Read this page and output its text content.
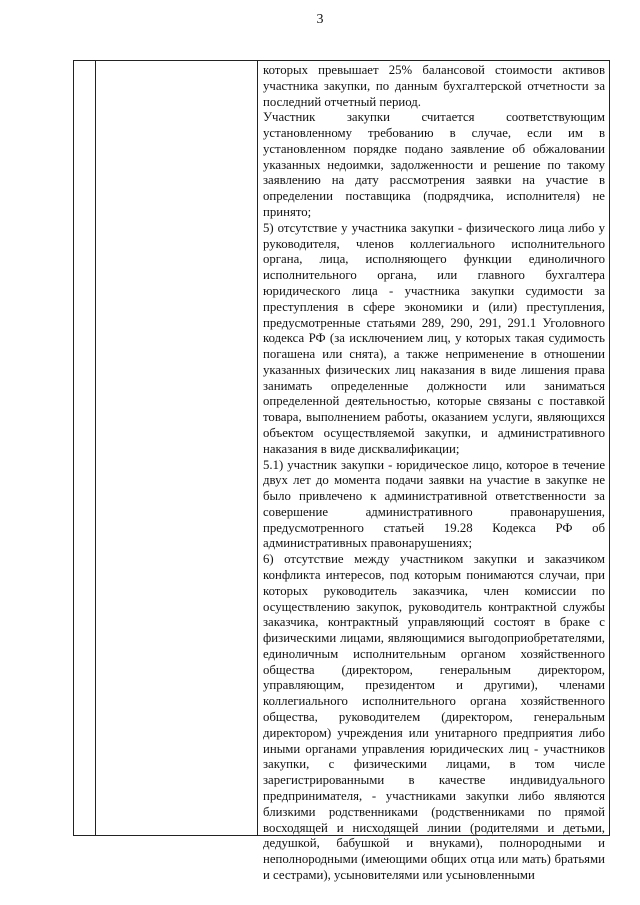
3

которых превышает 25% балансовой стоимости активов участника закупки, по данным бухгалтерской отчетности за последний отчетный период.

Участник закупки считается соответствующим установленному требованию в случае, если им в установленном порядке подано заявление об обжаловании указанных недоимки, задолженности и решение по такому заявлению на дату рассмотрения заявки на участие в определении поставщика (подрядчика, исполнителя) не принято;

5) отсутствие у участника закупки - физического лица либо у руководителя, членов коллегиального исполнительного органа, лица, исполняющего функции единоличного исполнительного органа, или главного бухгалтера юридического лица - участника закупки судимости за преступления в сфере экономики и (или) преступления, предусмотренные статьями 289, 290, 291, 291.1 Уголовного кодекса РФ (за исключением лиц, у которых такая судимость погашена или снята), а также неприменение в отношении указанных физических лиц наказания в виде лишения права занимать определенные должности или заниматься определенной деятельностью, которые связаны с поставкой товара, выполнением работы, оказанием услуги, являющихся объектом осуществляемой закупки, и административного наказания в виде дисквалификации;

5.1) участник закупки - юридическое лицо, которое в течение двух лет до момента подачи заявки на участие в закупке не было привлечено к административной ответственности за совершение административного правонарушения, предусмотренного статьей 19.28 Кодекса РФ об административных правонарушениях;

6) отсутствие между участником закупки и заказчиком конфликта интересов, под которым понимаются случаи, при которых руководитель заказчика, член комиссии по осуществлению закупок, руководитель контрактной службы заказчика, контрактный управляющий состоят в браке с физическими лицами, являющимися выгодоприобретателями, единоличным исполнительным органом хозяйственного общества (директором, генеральным директором, управляющим, президентом и другими), членами коллегиального исполнительного органа хозяйственного общества, руководителем (директором, генеральным директором) учреждения или унитарного предприятия либо иными органами управления юридических лиц - участников закупки, с физическими лицами, в том числе зарегистрированными в качестве индивидуального предпринимателя, - участниками закупки либо являются близкими родственниками (родственниками по прямой восходящей и нисходящей линии (родителями и детьми, дедушкой, бабушкой и внуками), полнородными и неполнородными (имеющими общих отца или мать) братьями и сестрами), усыновителями или усыновленными
